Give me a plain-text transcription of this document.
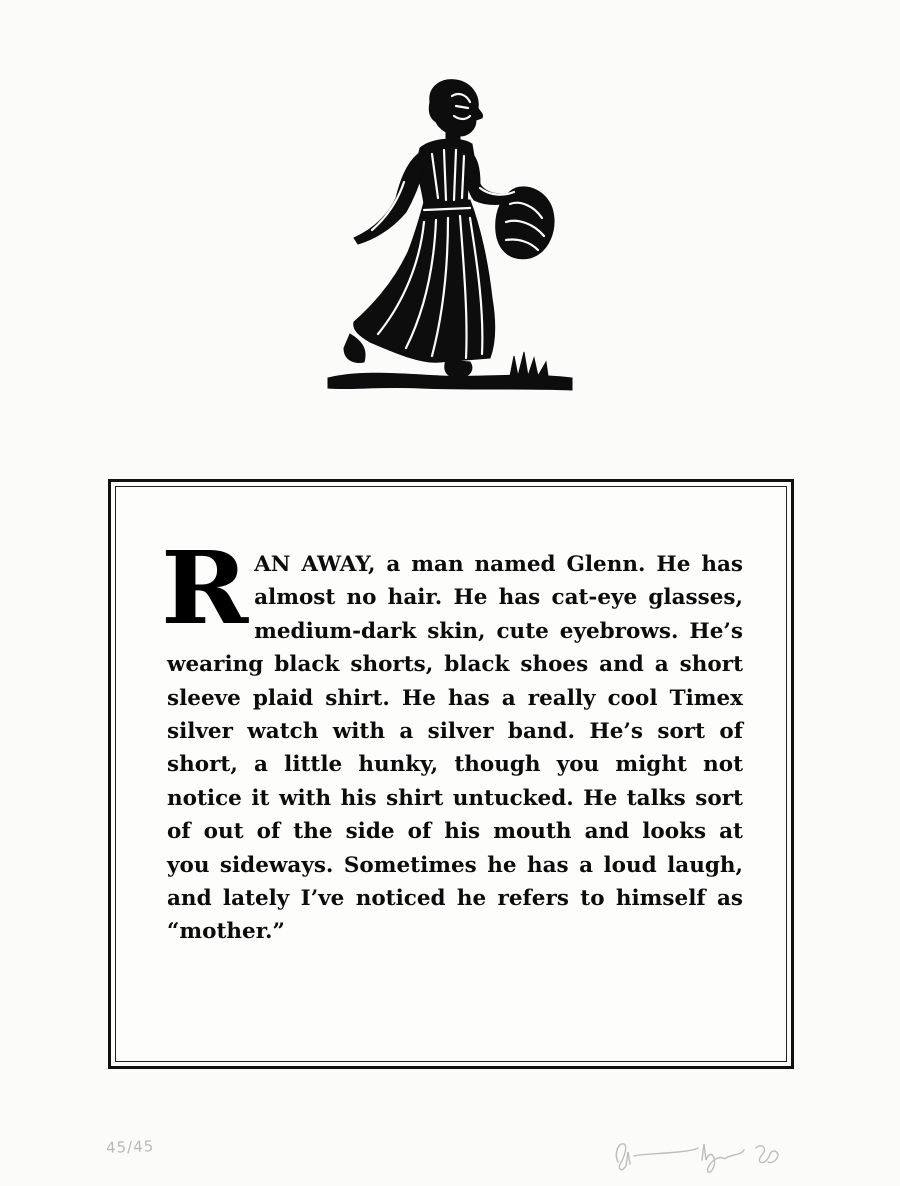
RAN AWAY, a man named Glenn. He has almost no hair. He has cat-eye glasses, medium-dark skin, cute eyebrows. He’s wearing black shorts, black shoes and a short sleeve plaid shirt. He has a really cool Timex silver watch with a silver band. He’s sort of short, a little hunky, though you might not notice it with his shirt untucked. He talks sort of out of the side of his mouth and looks at you sideways. Sometimes he has a loud laugh, and lately I’ve noticed he refers to himself as “mother.”

45/45
